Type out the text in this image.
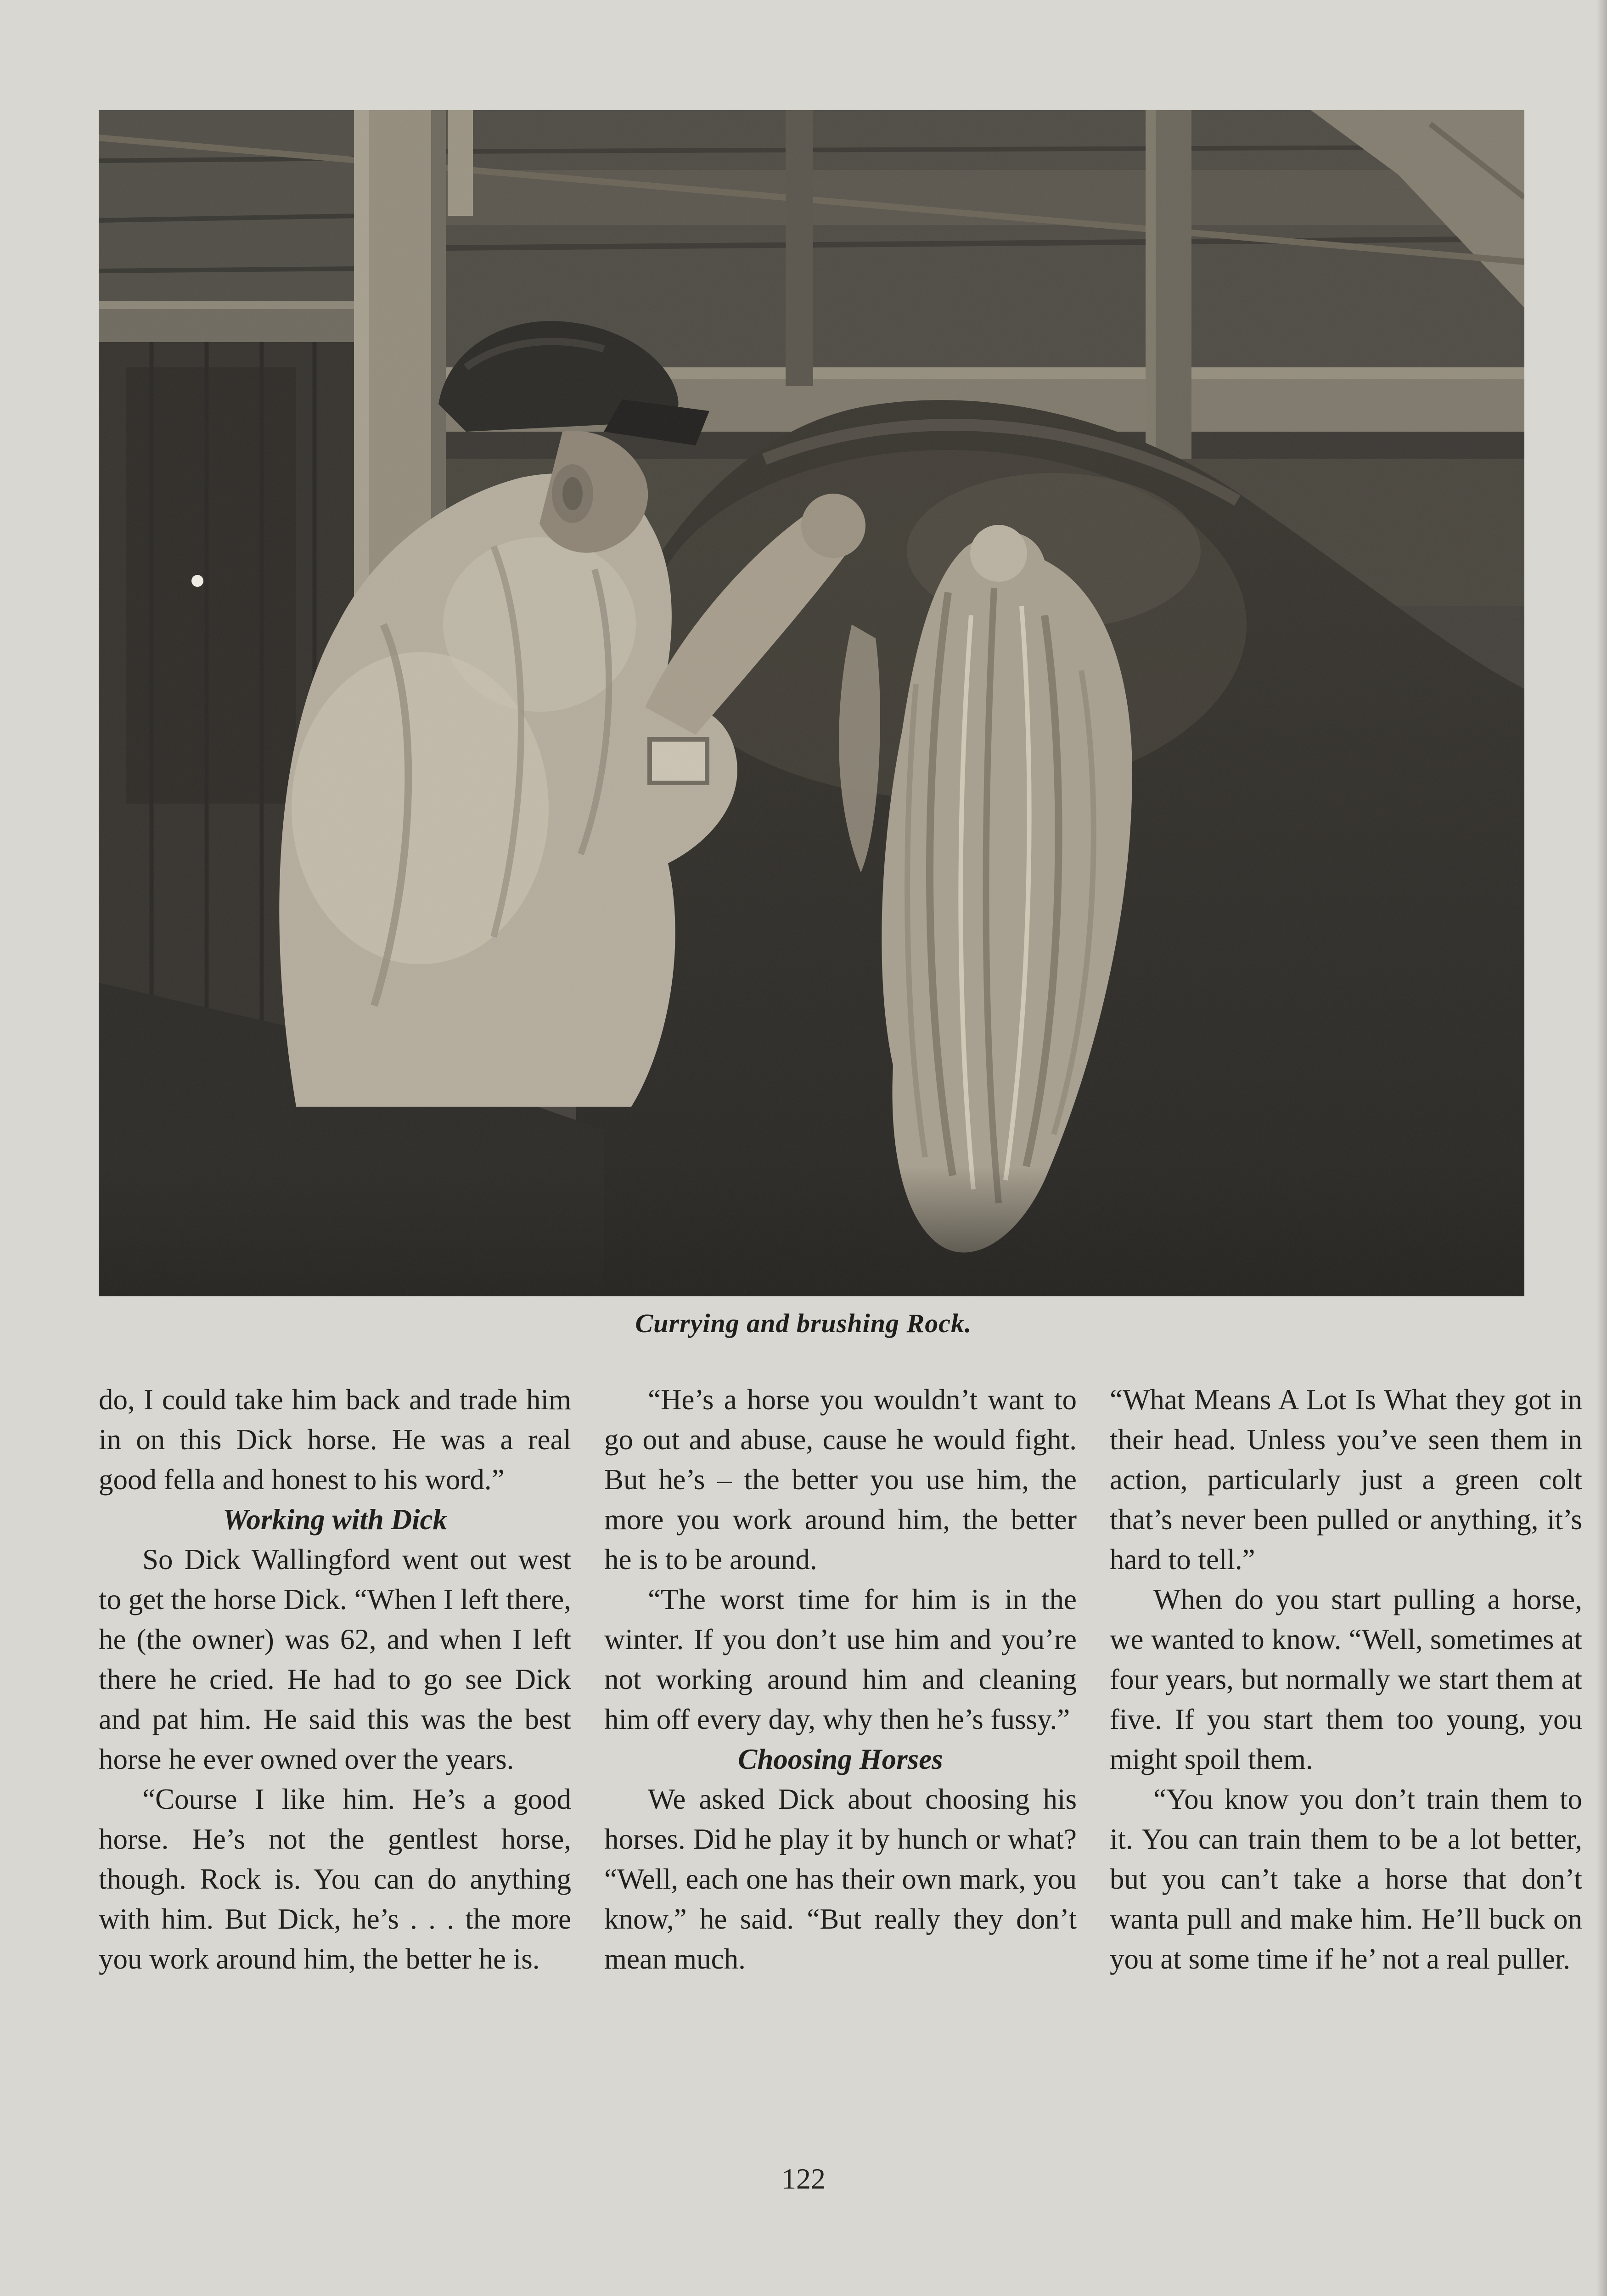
Currying and brushing Rock.

do, I could take him back and trade him in on this Dick horse. He was a real good fella and honest to his word.”

Working with Dick

So Dick Wallingford went out west to get the horse Dick. “When I left there, he (the owner) was 62, and when I left there he cried. He had to go see Dick and pat him. He said this was the best horse he ever owned over the years.

“Course I like him. He’s a good horse. He’s not the gentlest horse, though. Rock is. You can do anything with him. But Dick, he’s . . . the more you work around him, the better he is.

“He’s a horse you wouldn’t want to go out and abuse, cause he would fight. But he’s – the better you use him, the more you work around him, the better he is to be around.

“The worst time for him is in the winter. If you don’t use him and you’re not working around him and cleaning him off every day, why then he’s fussy.”

Choosing Horses

We asked Dick about choosing his horses. Did he play it by hunch or what? “Well, each one has their own mark, you know,” he said. “But really they don’t mean much.

“What Means A Lot Is What they got in their head. Unless you’ve seen them in action, particularly just a green colt that’s never been pulled or anything, it’s hard to tell.”

When do you start pulling a horse, we wanted to know. “Well, sometimes at four years, but normally we start them at five. If you start them too young, you might spoil them.

“You know you don’t train them to it. You can train them to be a lot better, but you can’t take a horse that don’t wanta pull and make him. He’ll buck on you at some time if he’ not a real puller.

122
